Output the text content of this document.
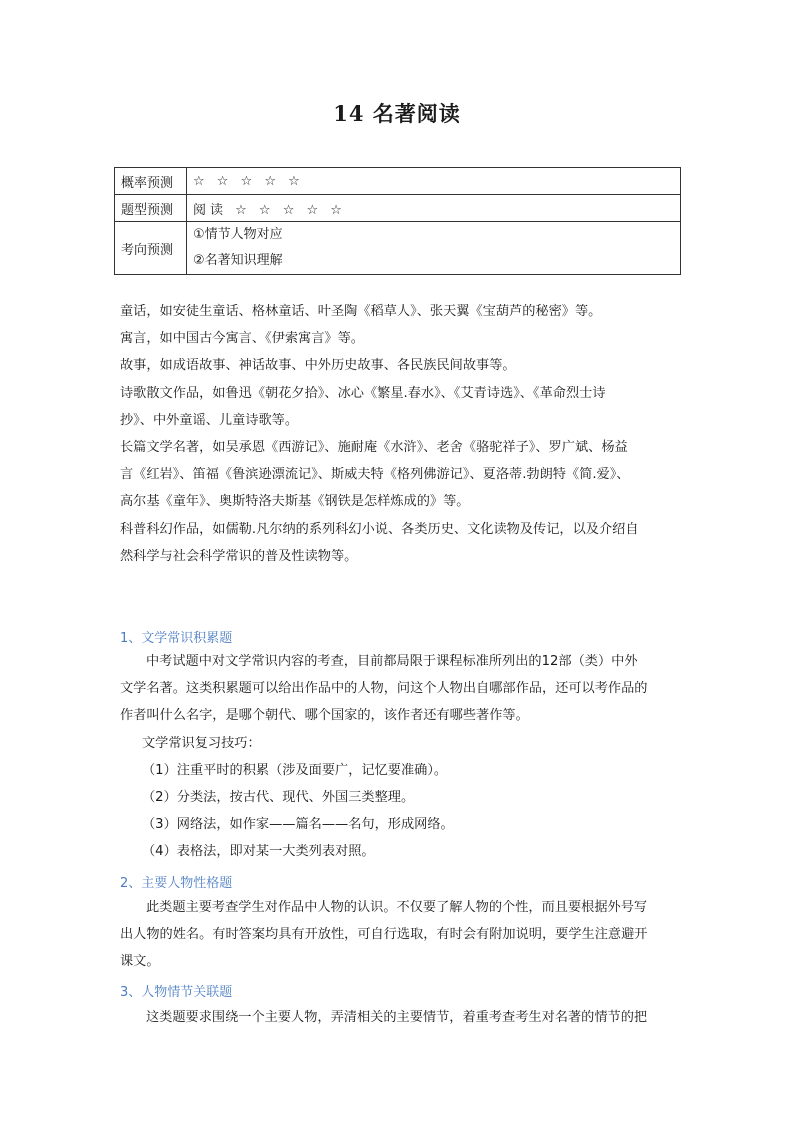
14 名著阅读
概率预测	☆ ☆ ☆ ☆ ☆
题型预测	阅读 ☆ ☆ ☆ ☆ ☆
考向预测	①情节人物对应
②名著知识理解

童话，如安徒生童话、格林童话、叶圣陶《稻草人》、张天翼《宝葫芦的秘密》等。

寓言，如中国古今寓言、《伊索寓言》等。

故事，如成语故事、神话故事、中外历史故事、各民族民间故事等。

诗歌散文作品，如鲁迅《朝花夕拾》、冰心《繁星.春水》、《艾青诗选》、《革命烈士诗

抄》、中外童谣、儿童诗歌等。

长篇文学名著，如吴承恩《西游记》、施耐庵《水浒》、老舍《骆驼祥子》、罗广斌、杨益

言《红岩》、笛福《鲁滨逊漂流记》、斯威夫特《格列佛游记》、夏洛蒂.勃朗特《简.爱》、

高尔基《童年》、奥斯特洛夫斯基《钢铁是怎样炼成的》等。

科普科幻作品，如儒勒.凡尔纳的系列科幻小说、各类历史、文化读物及传记，以及介绍自

然科学与社会科学常识的普及性读物等。

1、文学常识积累题

中考试题中对文学常识内容的考查，目前都局限于课程标准所列出的12部（类）中外

文学名著。这类积累题可以给出作品中的人物，问这个人物出自哪部作品，还可以考作品的

作者叫什么名字，是哪个朝代、哪个国家的，该作者还有哪些著作等。

文学常识复习技巧：

（1）注重平时的积累（涉及面要广，记忆要准确）。

（2）分类法，按古代、现代、外国三类整理。

（3）网络法，如作家——篇名——名句，形成网络。

（4）表格法，即对某一大类列表对照。

2、主要人物性格题

此类题主要考查学生对作品中人物的认识。不仅要了解人物的个性，而且要根据外号写

出人物的姓名。有时答案均具有开放性，可自行选取，有时会有附加说明，要学生注意避开

课文。

3、人物情节关联题

这类题要求围绕一个主要人物，弄清相关的主要情节，着重考查考生对名著的情节的把
